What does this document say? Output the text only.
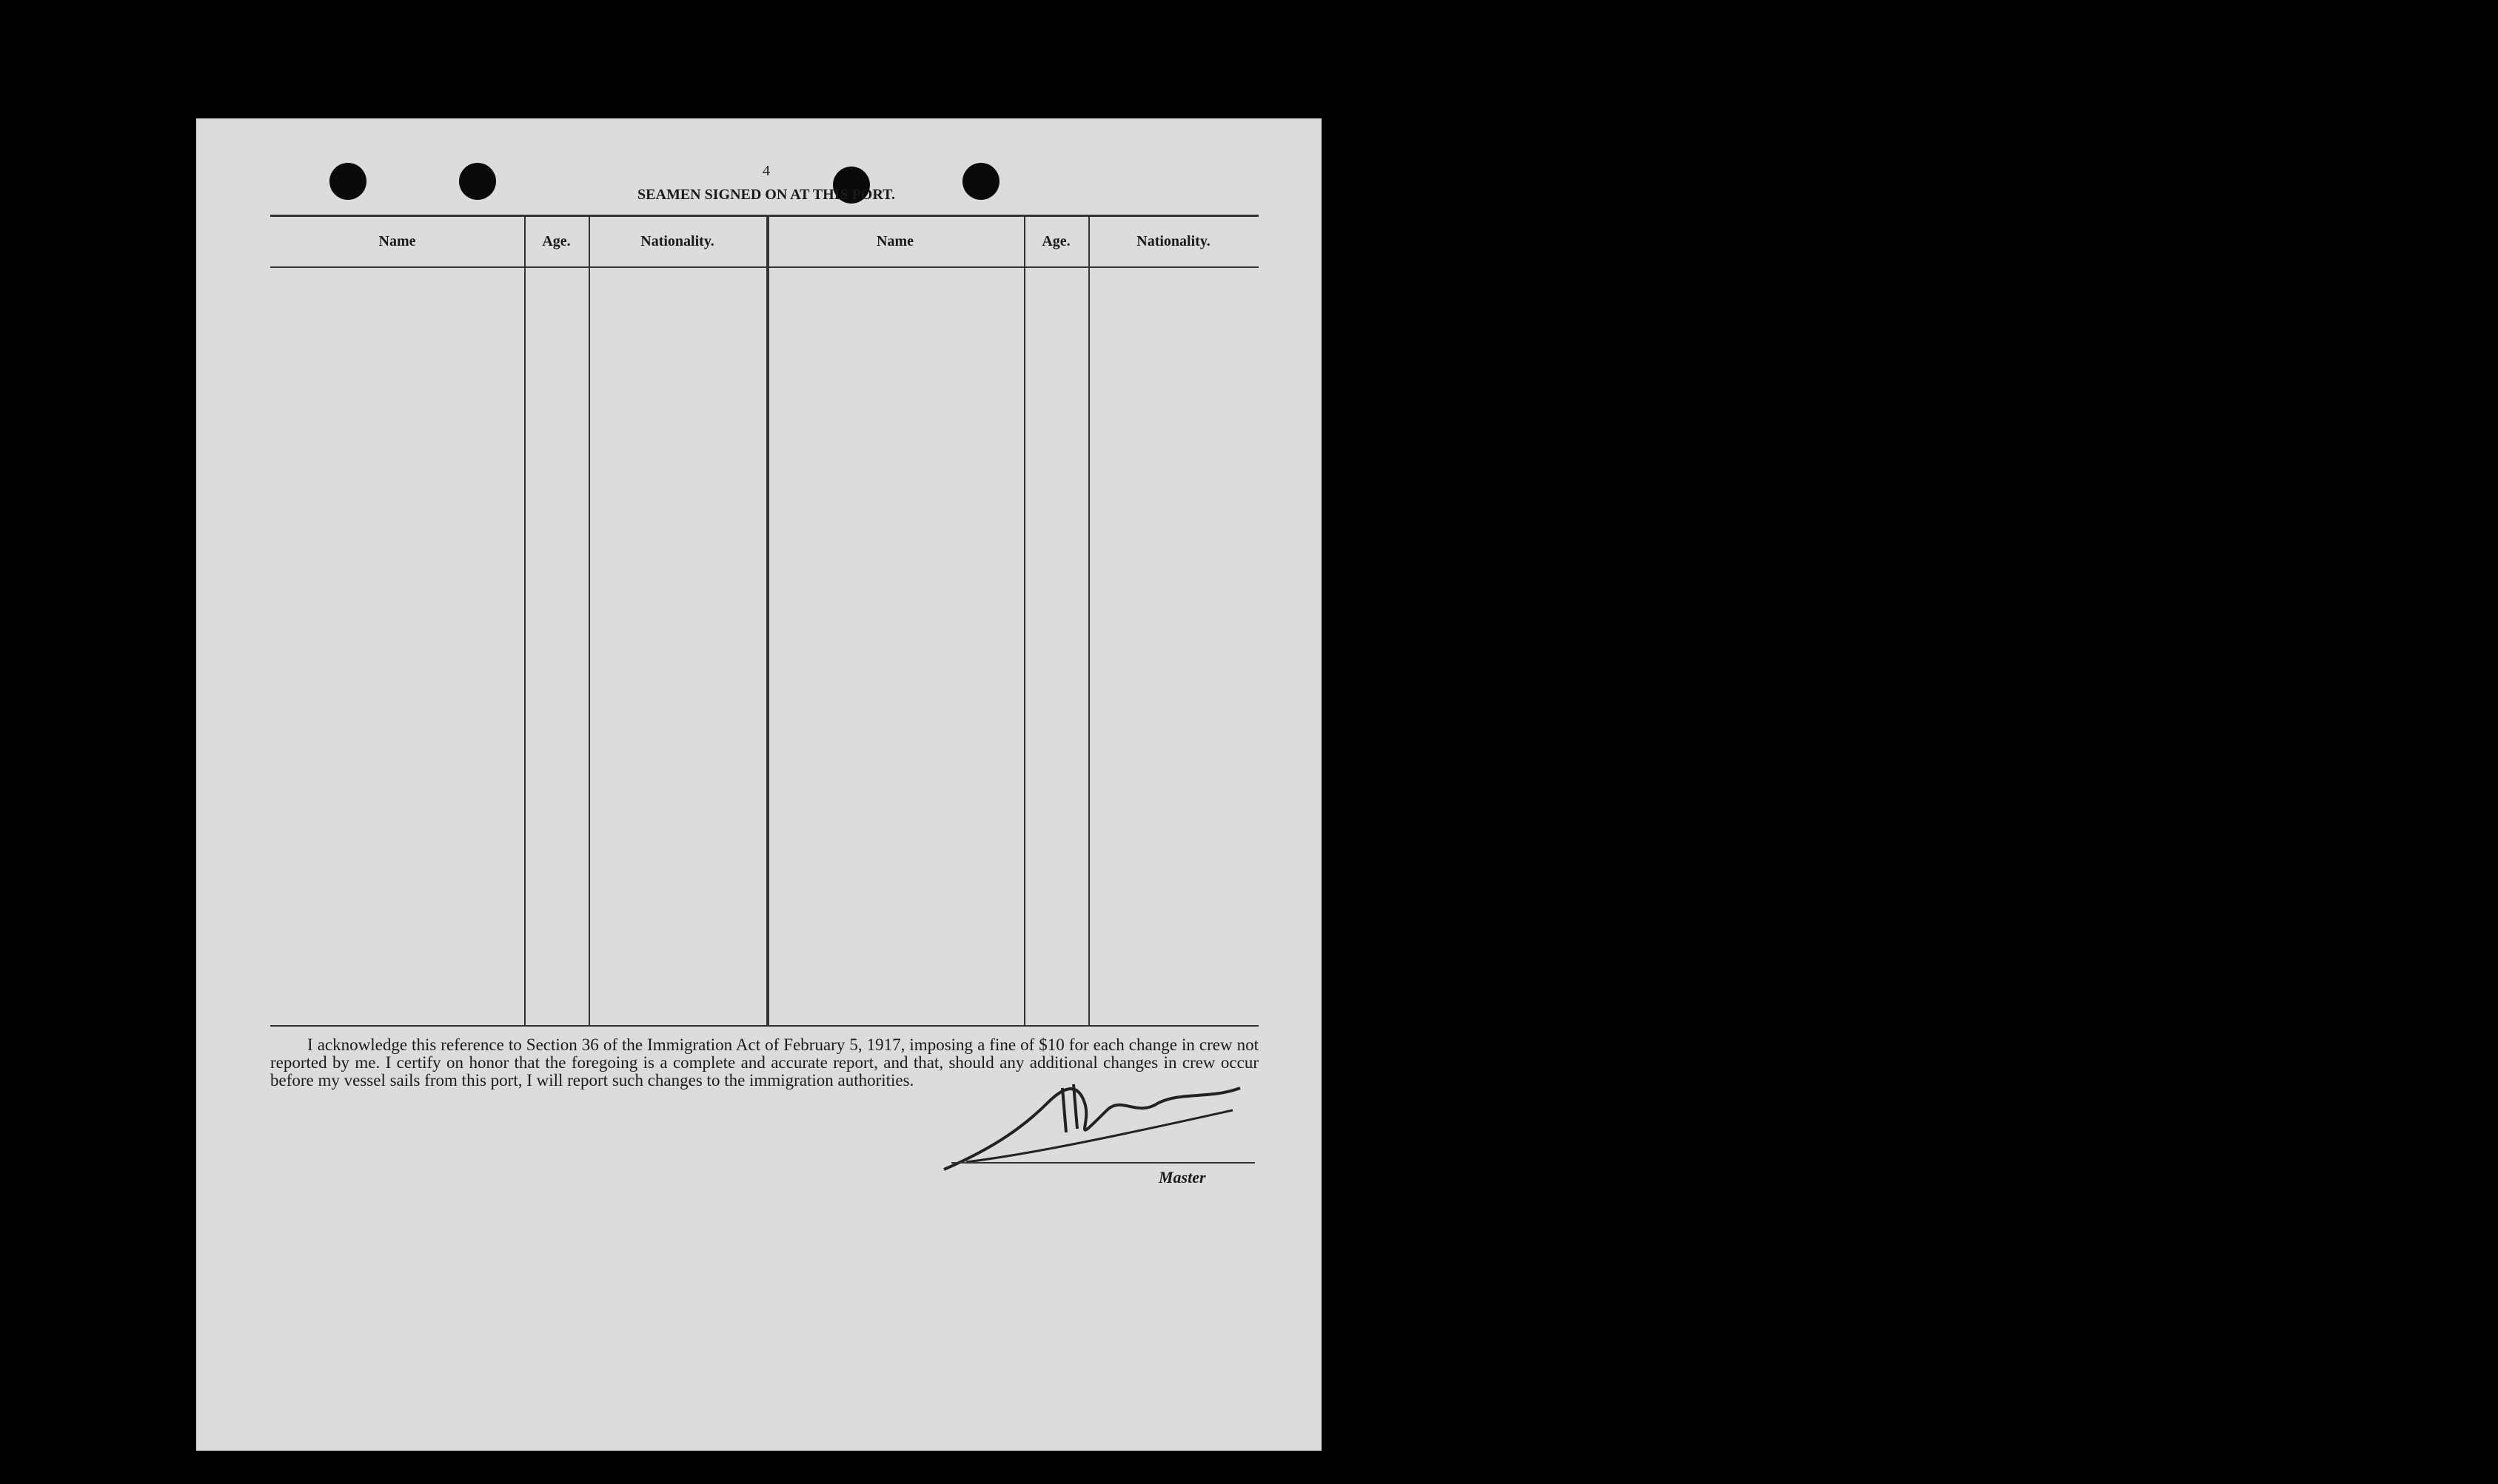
4
SEAMEN SIGNED ON AT THIS PORT.
Name	Age.	Nationality.	Name	Age.	Nationality.
I acknowledge this reference to Section 36 of the Immigration Act of February 5, 1917, imposing a fine of $10 for each change in crew not reported by me. I certify on honor that the foregoing is a complete and accurate report, and that, should any additional changes in crew occur before my vessel sails from this port, I will report such changes to the immigration authorities.
Master
